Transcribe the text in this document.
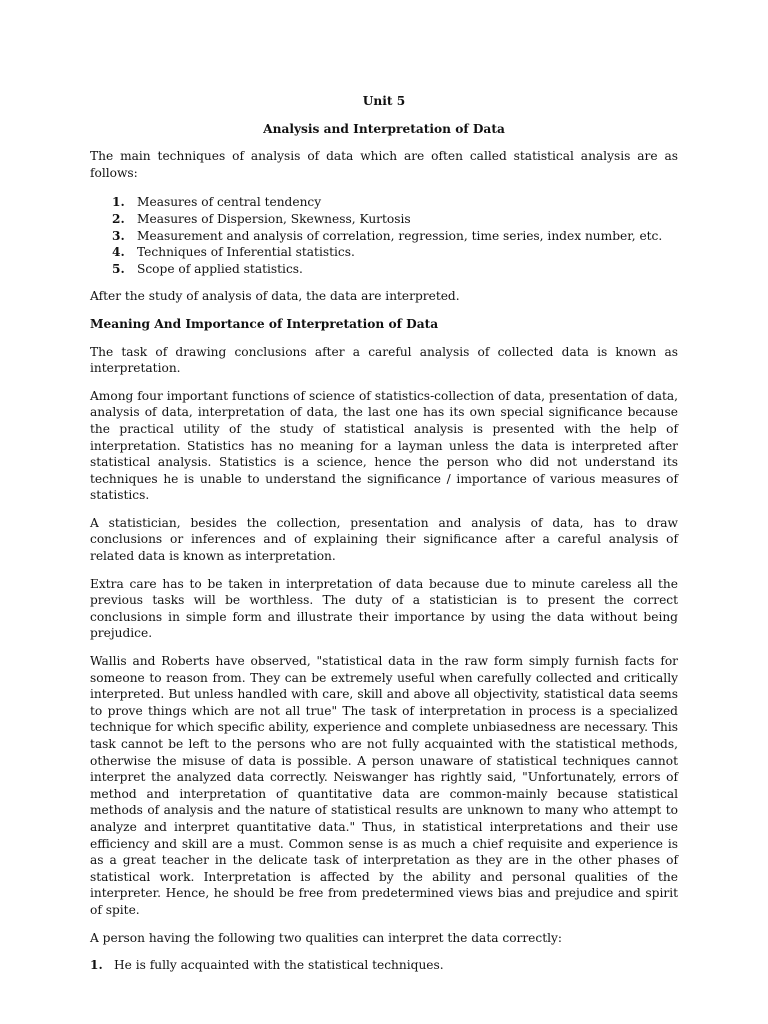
Unit 5
Analysis and Interpretation of Data

The main techniques of analysis of data which are often called statistical analysis are as follows:

1.	Measures of central tendency
2.	Measures of Dispersion, Skewness, Kurtosis
3.	Measurement and analysis of correlation, regression, time series, index number, etc.
4.	Techniques of Inferential statistics.
5.	Scope of applied statistics.

After the study of analysis of data, the data are interpreted.

Meaning And Importance of Interpretation of Data

The task of drawing conclusions after a careful analysis of collected data is known as interpretation.

Among four important functions of science of statistics-collection of data, presentation of data, analysis of data, interpretation of data, the last one has its own special significance because the practical utility of the study of statistical analysis is presented with the help of interpretation. Statistics has no meaning for a layman unless the data is interpreted after statistical analysis. Statistics is a science, hence the person who did not understand its techniques he is unable to understand the significance / importance of various measures of statistics.

A statistician, besides the collection, presentation and analysis of data, has to draw conclusions or inferences and of explaining their significance after a careful analysis of related data is known as interpretation.

Extra care has to be taken in interpretation of data because due to minute careless all the previous tasks will be worthless. The duty of a statistician is to present the correct conclusions in simple form and illustrate their importance by using the data without being prejudice.

Wallis and Roberts have observed, "statistical data in the raw form simply furnish facts for someone to reason from. They can be extremely useful when carefully collected and critically interpreted. But unless handled with care, skill and above all objectivity, statistical data seems to prove things which are not all true" The task of interpretation in process is a specialized technique for which specific ability, experience and complete unbiasedness are necessary. This task cannot be left to the persons who are not fully acquainted with the statistical methods, otherwise the misuse of data is possible. A person unaware of statistical techniques cannot interpret the analyzed data correctly. Neiswanger has rightly said, "Unfortunately, errors of method and interpretation of quantitative data are common-mainly because statistical methods of analysis and the nature of statistical results are unknown to many who attempt to analyze and interpret quantitative data." Thus, in statistical interpretations and their use efficiency and skill are a must. Common sense is as much a chief requisite and experience is as a great teacher in the delicate task of interpretation as they are in the other phases of statistical work. Interpretation is affected by the ability and personal qualities of the interpreter. Hence, he should be free from predetermined views bias and prejudice and spirit of spite.

A person having the following two qualities can interpret the data correctly:

1. He is fully acquainted with the statistical techniques.
